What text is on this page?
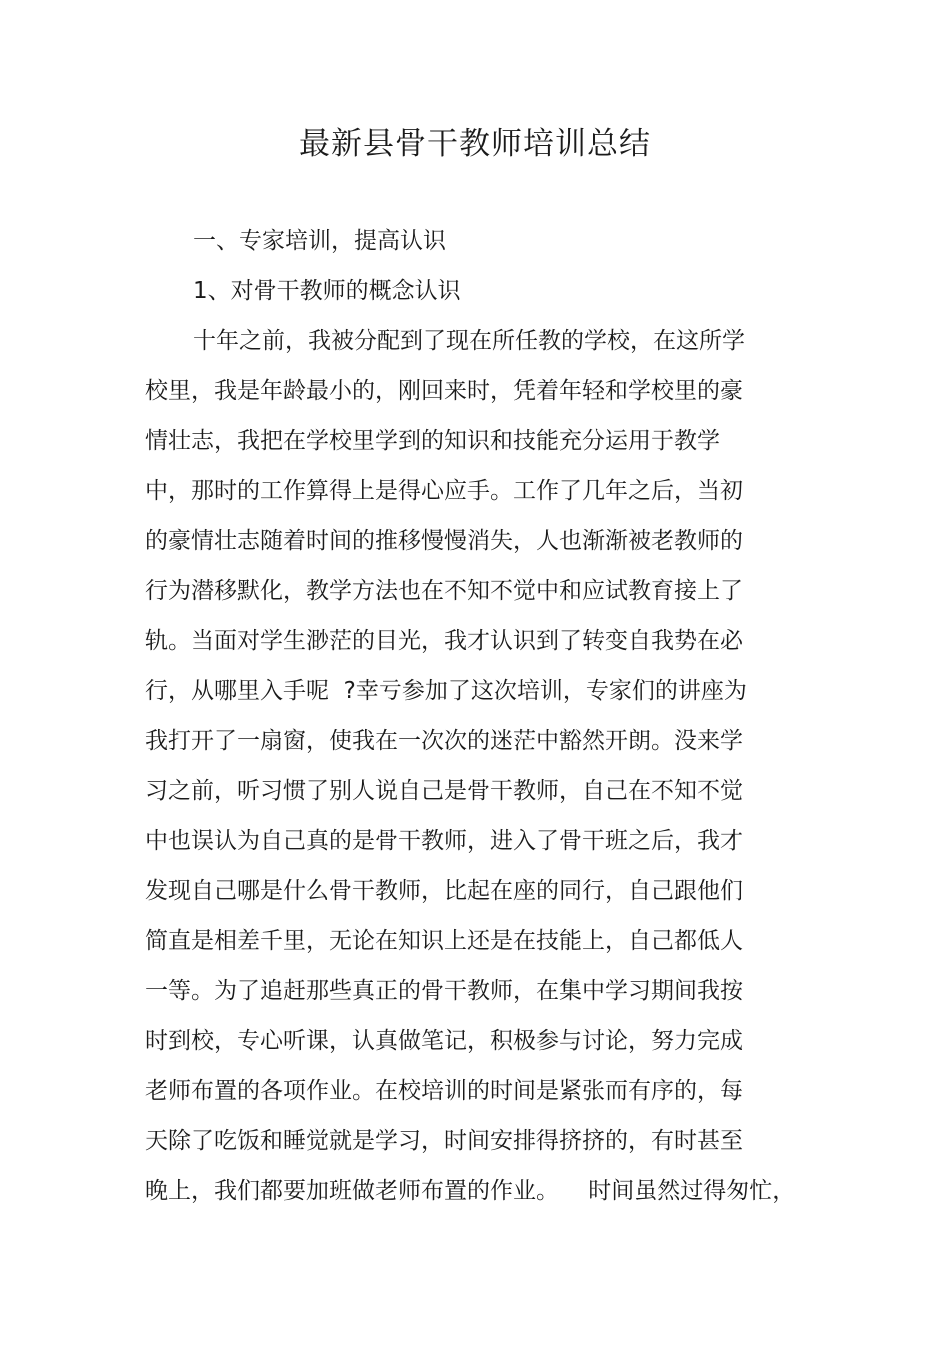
最新县骨干教师培训总结

一、专家培训，提高认识

1、对骨干教师的概念认识

十年之前，我被分配到了现在所任教的学校，在这所学

校里，我是年龄最小的，刚回来时，凭着年轻和学校里的豪

情壮志，我把在学校里学到的知识和技能充分运用于教学

中，那时的工作算得上是得心应手。工作了几年之后，当初

的豪情壮志随着时间的推移慢慢消失，人也渐渐被老教师的

行为潜移默化，教学方法也在不知不觉中和应试教育接上了

轨。当面对学生渺茫的目光，我才认识到了转变自我势在必

行，从哪里入手呢  ?幸亏参加了这次培训，专家们的讲座为

我打开了一扇窗，使我在一次次的迷茫中豁然开朗。没来学

习之前，听习惯了别人说自己是骨干教师，自己在不知不觉

中也误认为自己真的是骨干教师，进入了骨干班之后，我才

发现自己哪是什么骨干教师，比起在座的同行，自己跟他们

简直是相差千里，无论在知识上还是在技能上，自己都低人

一等。为了追赶那些真正的骨干教师，在集中学习期间我按

时到校，专心听课，认真做笔记，积极参与讨论，努力完成

老师布置的各项作业。在校培训的时间是紧张而有序的，每

天除了吃饭和睡觉就是学习，时间安排得挤挤的，有时甚至

晚上，我们都要加班做老师布置的作业。    时间虽然过得匆忙，
